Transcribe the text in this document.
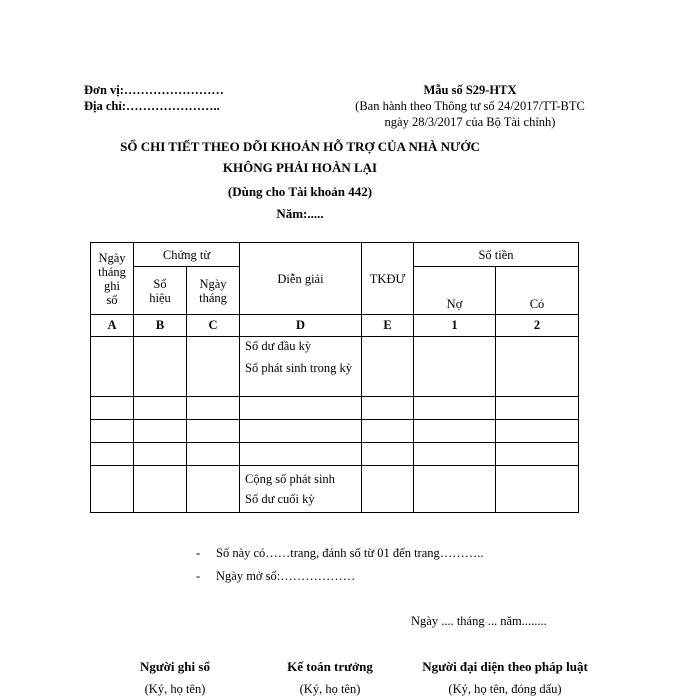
Đơn vị:……………………
Địa chỉ:…………………..
Mẫu số S29-HTX
(Ban hành theo Thông tư số 24/2017/TT-BTC
ngày 28/3/2017 của Bộ Tài chính)
SỔ CHI TIẾT THEO DÕI KHOẢN HỖ TRỢ CỦA NHÀ NƯỚC
KHÔNG PHẢI HOÀN LẠI
(Dùng cho Tài khoản 442)
Năm:.....
Ngày
tháng
ghi
sổ	Chứng từ		Diễn giải	TKĐƯ	Số tiền	
	Số
hiệu	Ngày
tháng			Nợ	Có
A	B	C	D	E	1	2

			Số dư đầu kỳ
Số phát sinh trong kỳ			

			Cộng số phát sinh
Số dư cuối kỳ			

- Sổ này có……trang, đánh số từ 01 đến trang………..
- Ngày mở sổ:………………
Ngày .... tháng ... năm........
Người ghi sổ
(Ký, họ tên)
Kế toán trưởng
(Ký, họ tên)
Người đại diện theo pháp luật
(Ký, họ tên, đóng dấu)
